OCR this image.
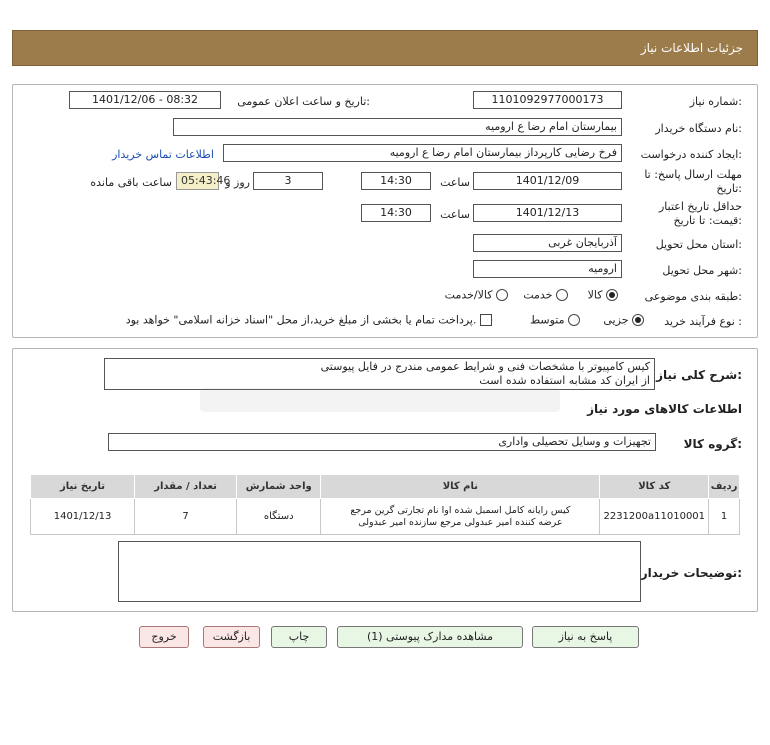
جزئیات اطلاعات نیاز
شماره نیاز:
1101092977000173
تاریخ و ساعت اعلان عمومی:
1401/12/06 - 08:32
نام دستگاه خریدار:
بیمارستان امام رضا ع ارومیه
ایجاد کننده درخواست:
فرخ رضایی کارپرداز بیمارستان امام رضا ع ارومیه
اطلاعات تماس خریدار
مهلت ارسال پاسخ: تا
تاریخ:
1401/12/09
ساعت
14:30
3
روز و
05:43:46
ساعت باقی مانده
حداقل تاریخ اعتبار
قیمت: تا تاریخ:
1401/12/13
ساعت
14:30
استان محل تحویل:
آذربایجان غربی
شهر محل تحویل:
ارومیه
طبقه بندی موضوعی:
کالا
خدمت
کالا/خدمت
نوع فرآیند خرید :
جزیی
متوسط
پرداخت تمام یا بخشی از مبلغ خرید،از محل "اسناد خزانه اسلامی" خواهد بود.
شرح کلی نیاز:
کیس کامپیوتر با مشخصات فنی و شرایط عمومی مندرج در فایل پیوستی
از ایران کد مشابه استفاده شده است
اطلاعات کالاهای مورد نیاز
گروه کالا:
تجهیزات و وسایل تحصیلی واداری
تاریخ نیاز	تعداد / مقدار	واحد شمارش	نام کالا	کد کالا	ردیف
1401/12/13	7	دستگاه	کیس رایانه کامل اسمبل شده اوا نام تجارتی گرین مرجع
عرضه کننده امیر عبدولی مرجع سازنده امیر عبدولی	2231200a11010001	1
توضیحات خریدار:
پاسخ به نیاز
مشاهده مدارک پیوستی (1)
چاپ
بازگشت
خروج
